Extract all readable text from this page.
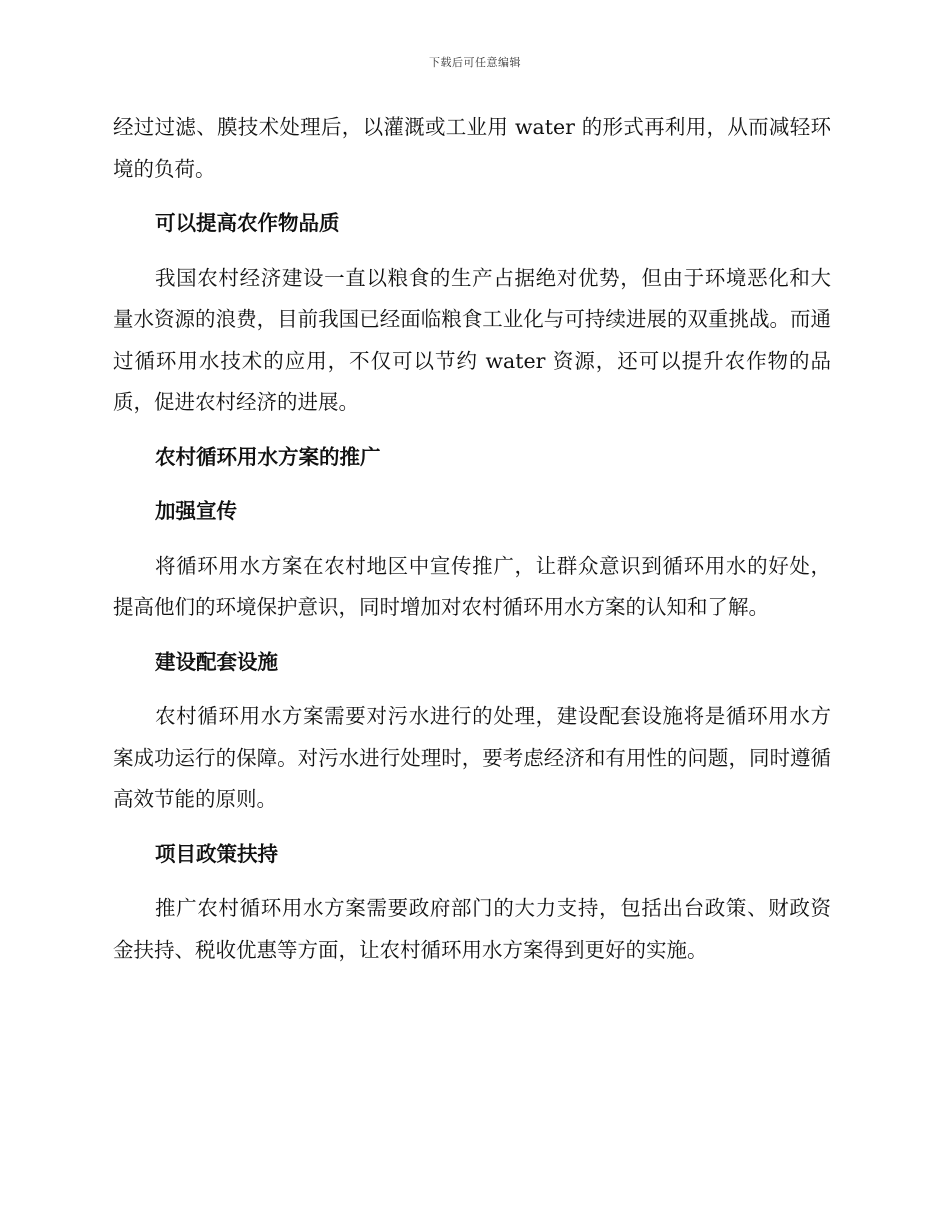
下载后可任意编辑

经过过滤、膜技术处理后，以灌溉或工业用 water 的形式再利用，从而减轻环境的负荷。

可以提高农作物品质

我国农村经济建设一直以粮食的生产占据绝对优势，但由于环境恶化和大量水资源的浪费，目前我国已经面临粮食工业化与可持续进展的双重挑战。而通过循环用水技术的应用，不仅可以节约 water 资源，还可以提升农作物的品质，促进农村经济的进展。

农村循环用水方案的推广

加强宣传

将循环用水方案在农村地区中宣传推广，让群众意识到循环用水的好处，提高他们的环境保护意识，同时增加对农村循环用水方案的认知和了解。

建设配套设施

农村循环用水方案需要对污水进行的处理，建设配套设施将是循环用水方案成功运行的保障。对污水进行处理时，要考虑经济和有用性的问题，同时遵循高效节能的原则。

项目政策扶持

推广农村循环用水方案需要政府部门的大力支持，包括出台政策、财政资金扶持、税收优惠等方面，让农村循环用水方案得到更好的实施。
